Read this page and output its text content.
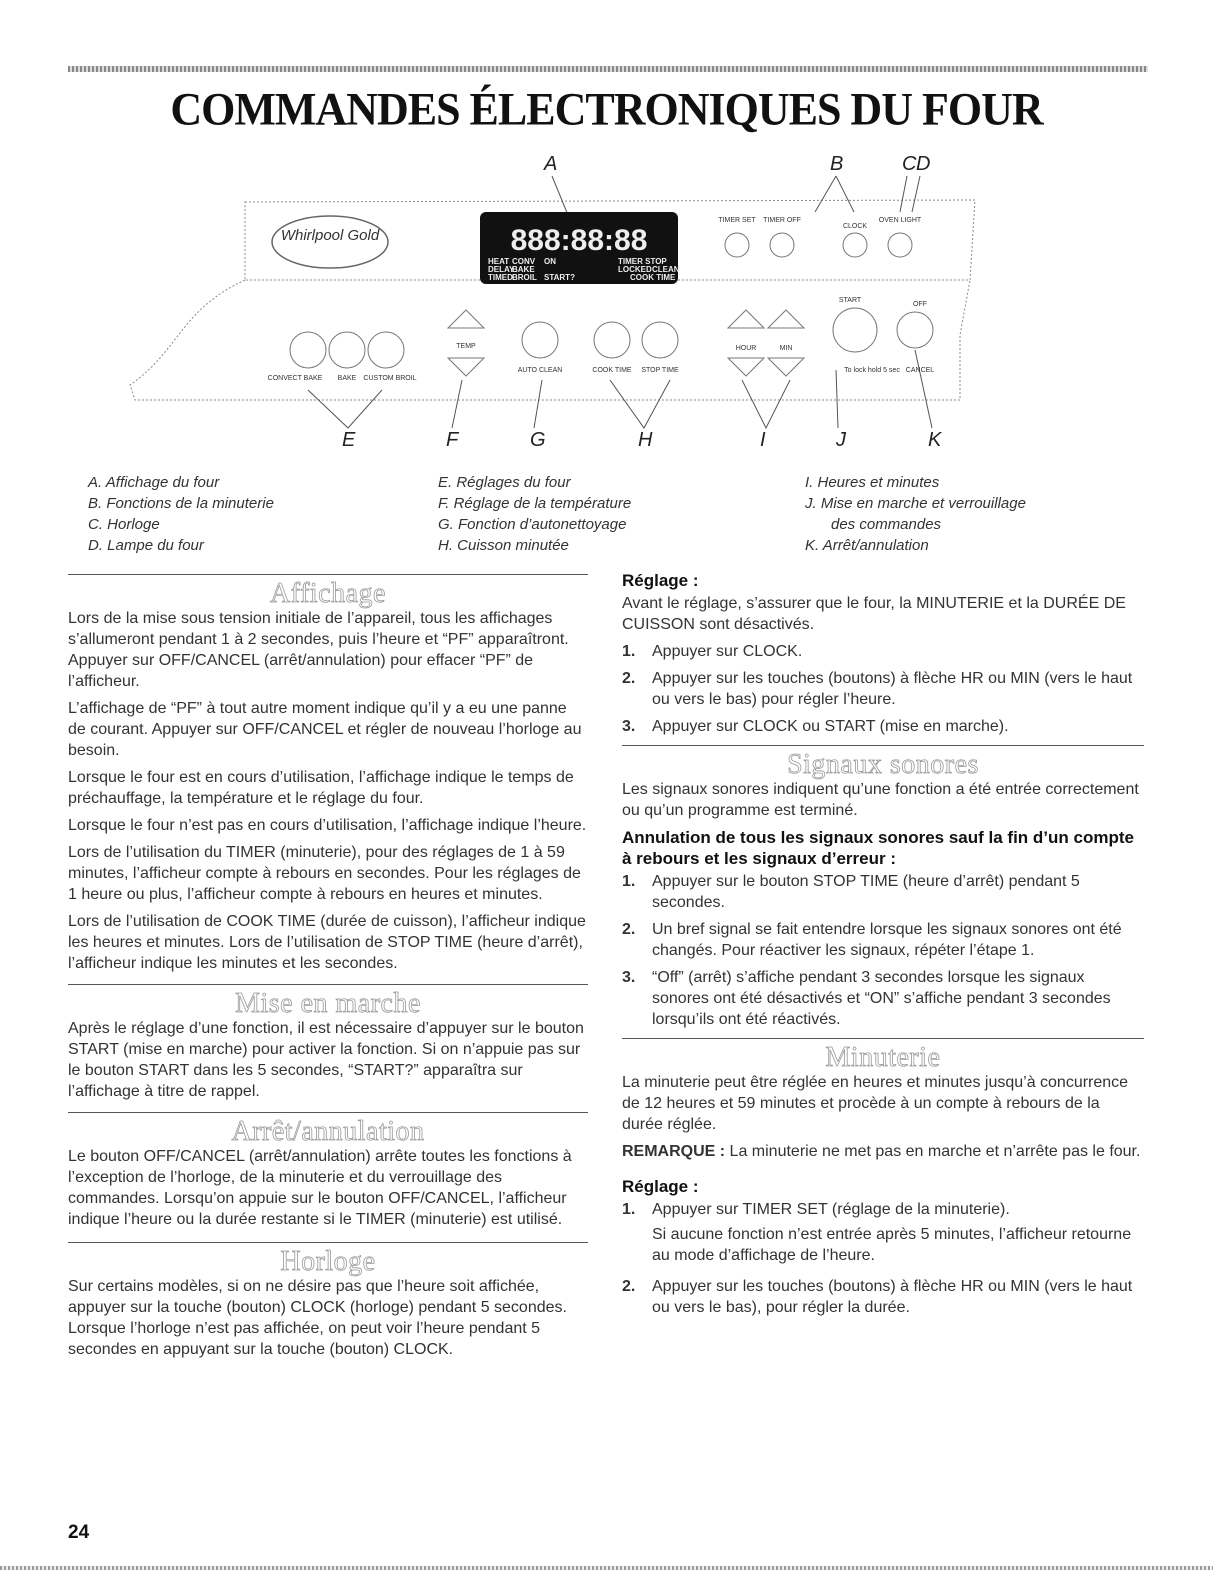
COMMANDES ÉLECTRONIQUES DU FOUR
A	B	C D
E	F	G	H	I	J	K
Whirlpool Gold	888:88:88
HEAT CONV ON	TIMER STOP
DELAY
BAKE	LOCKED CLEAN
TIMED BROIL START?	COOK TIME
TIMER SET TIMER OFF
CLOCK
OVEN LIGHT
START
OFF
CONVECT BAKE BAKE CUSTOM BROIL
TEMP
AUTO CLEAN	COOK TIME STOP TIME
HOUR	MIN
To lock hold 5 sec CANCEL
A. Affichage du four
B. Fonctions de la minuterie
C. Horloge
D. Lampe du four
E. Réglages du four
F. Réglage de la température
G. Fonction d’autonettoyage
H. Cuisson minutée
I. Heures et minutes
J. Mise en marche et verrouillage
des commandes
K. Arrêt/annulation
Affichage

Lors de la mise sous tension initiale de l’appareil, tous les affichages s’allumeront pendant 1 à 2 secondes, puis l’heure et “PF” apparaîtront. Appuyer sur OFF/CANCEL (arrêt/annulation) pour effacer “PF” de l’afficheur.

L’affichage de “PF” à tout autre moment indique qu’il y a eu une panne de courant. Appuyer sur OFF/CANCEL et régler de nouveau l’horloge au besoin.

Lorsque le four est en cours d’utilisation, l’affichage indique le temps de préchauffage, la température et le réglage du four.

Lorsque le four n’est pas en cours d’utilisation, l’affichage indique l’heure.

Lors de l’utilisation du TIMER (minuterie), pour des réglages de 1 à 59 minutes, l’afficheur compte à rebours en secondes. Pour les réglages de 1 heure ou plus, l’afficheur compte à rebours en heures et minutes.

Lors de l’utilisation de COOK TIME (durée de cuisson), l’afficheur indique les heures et minutes. Lors de l’utilisation de STOP TIME (heure d’arrêt), l’afficheur indique les minutes et les secondes.

Mise en marche

Après le réglage d’une fonction, il est nécessaire d’appuyer sur le bouton START (mise en marche) pour activer la fonction. Si on n’appuie pas sur le bouton START dans les 5 secondes, “START?” apparaîtra sur l’affichage à titre de rappel.

Arrêt/annulation

Le bouton OFF/CANCEL (arrêt/annulation) arrête toutes les fonctions à l’exception de l’horloge, de la minuterie et du verrouillage des commandes. Lorsqu’on appuie sur le bouton OFF/CANCEL, l’afficheur indique l’heure ou la durée restante si le TIMER (minuterie) est utilisé.

Horloge

Sur certains modèles, si on ne désire pas que l’heure soit affichée, appuyer sur la touche (bouton) CLOCK (horloge) pendant 5 secondes. Lorsque l’horloge n’est pas affichée, on peut voir l’heure pendant 5 secondes en appuyant sur la touche (bouton) CLOCK.

Réglage :

Avant le réglage, s’assurer que le four, la MINUTERIE et la DURÉE DE CUISSON sont désactivés.

1. Appuyer sur CLOCK.
2. Appuyer sur les touches (boutons) à flèche HR ou MIN (vers le haut ou vers le bas) pour régler l’heure.
3. Appuyer sur CLOCK ou START (mise en marche).
Signaux sonores

Les signaux sonores indiquent qu’une fonction a été entrée correctement ou qu’un programme est terminé.

Annulation de tous les signaux sonores sauf la fin d’un compte à rebours et les signaux d’erreur :
1. Appuyer sur le bouton STOP TIME (heure d’arrêt) pendant 5 secondes.
2. Un bref signal se fait entendre lorsque les signaux sonores ont été changés. Pour réactiver les signaux, répéter l’étape 1.
3. “Off” (arrêt) s’affiche pendant 3 secondes lorsque les signaux sonores ont été désactivés et “ON” s’affiche pendant 3 secondes lorsqu’ils ont été réactivés.
Minuterie

La minuterie peut être réglée en heures et minutes jusqu’à concurrence de 12 heures et 59 minutes et procède à un compte à rebours de la durée réglée.

REMARQUE : La minuterie ne met pas en marche et n’arrête pas le four.

Réglage :
1. Appuyer sur TIMER SET (réglage de la minuterie).
Si aucune fonction n’est entrée après 5 minutes, l’afficheur retourne au mode d’affichage de l’heure.
2. Appuyer sur les touches (boutons) à flèche HR ou MIN (vers le haut ou vers le bas), pour régler la durée.
24
